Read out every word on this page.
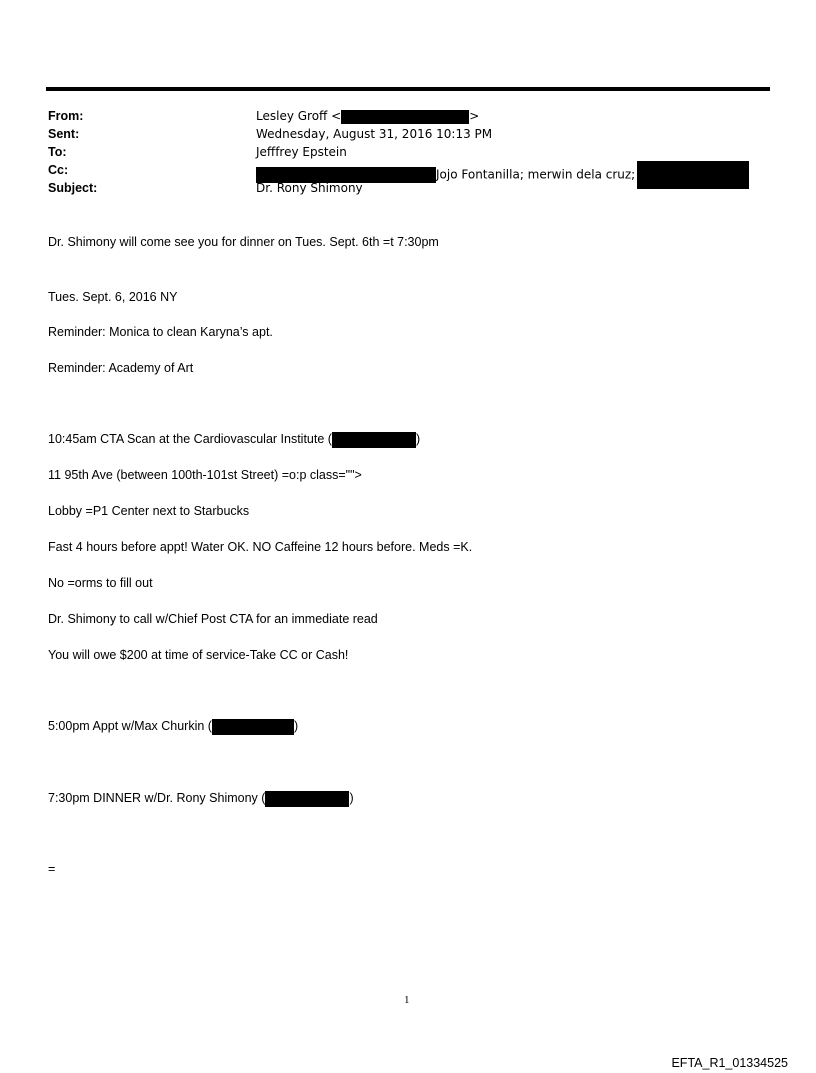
From:	Lesley Groff <	>
Sent:	Wednesday, August 31, 2016 10:13 PM
To:	Jefffrey Epstein
Cc:	Jojo Fontanilla; merwin dela cruz;
Subject:	Dr. Rony Shimony
Dr. Shimony will come see you for dinner on Tues. Sept. 6th =t 7:30pm
Tues. Sept. 6, 2016 NY
Reminder: Monica to clean Karyna’s apt.
Reminder: Academy of Art
10:45am CTA Scan at the Cardiovascular Institute (	)
11 95th Ave (between 100th-101st Street) =o:p class="">
Lobby =P1 Center next to Starbucks
Fast 4 hours before appt! Water OK. NO Caffeine 12 hours before. Meds =K.
No =orms to fill out
Dr. Shimony to call w/Chief Post CTA for an immediate read
You will owe $200 at time of service-Take CC or Cash!
5:00pm Appt w/Max Churkin (	)
7:30pm DINNER w/Dr. Rony Shimony (	)
=
1
EFTA_R1_01334525
